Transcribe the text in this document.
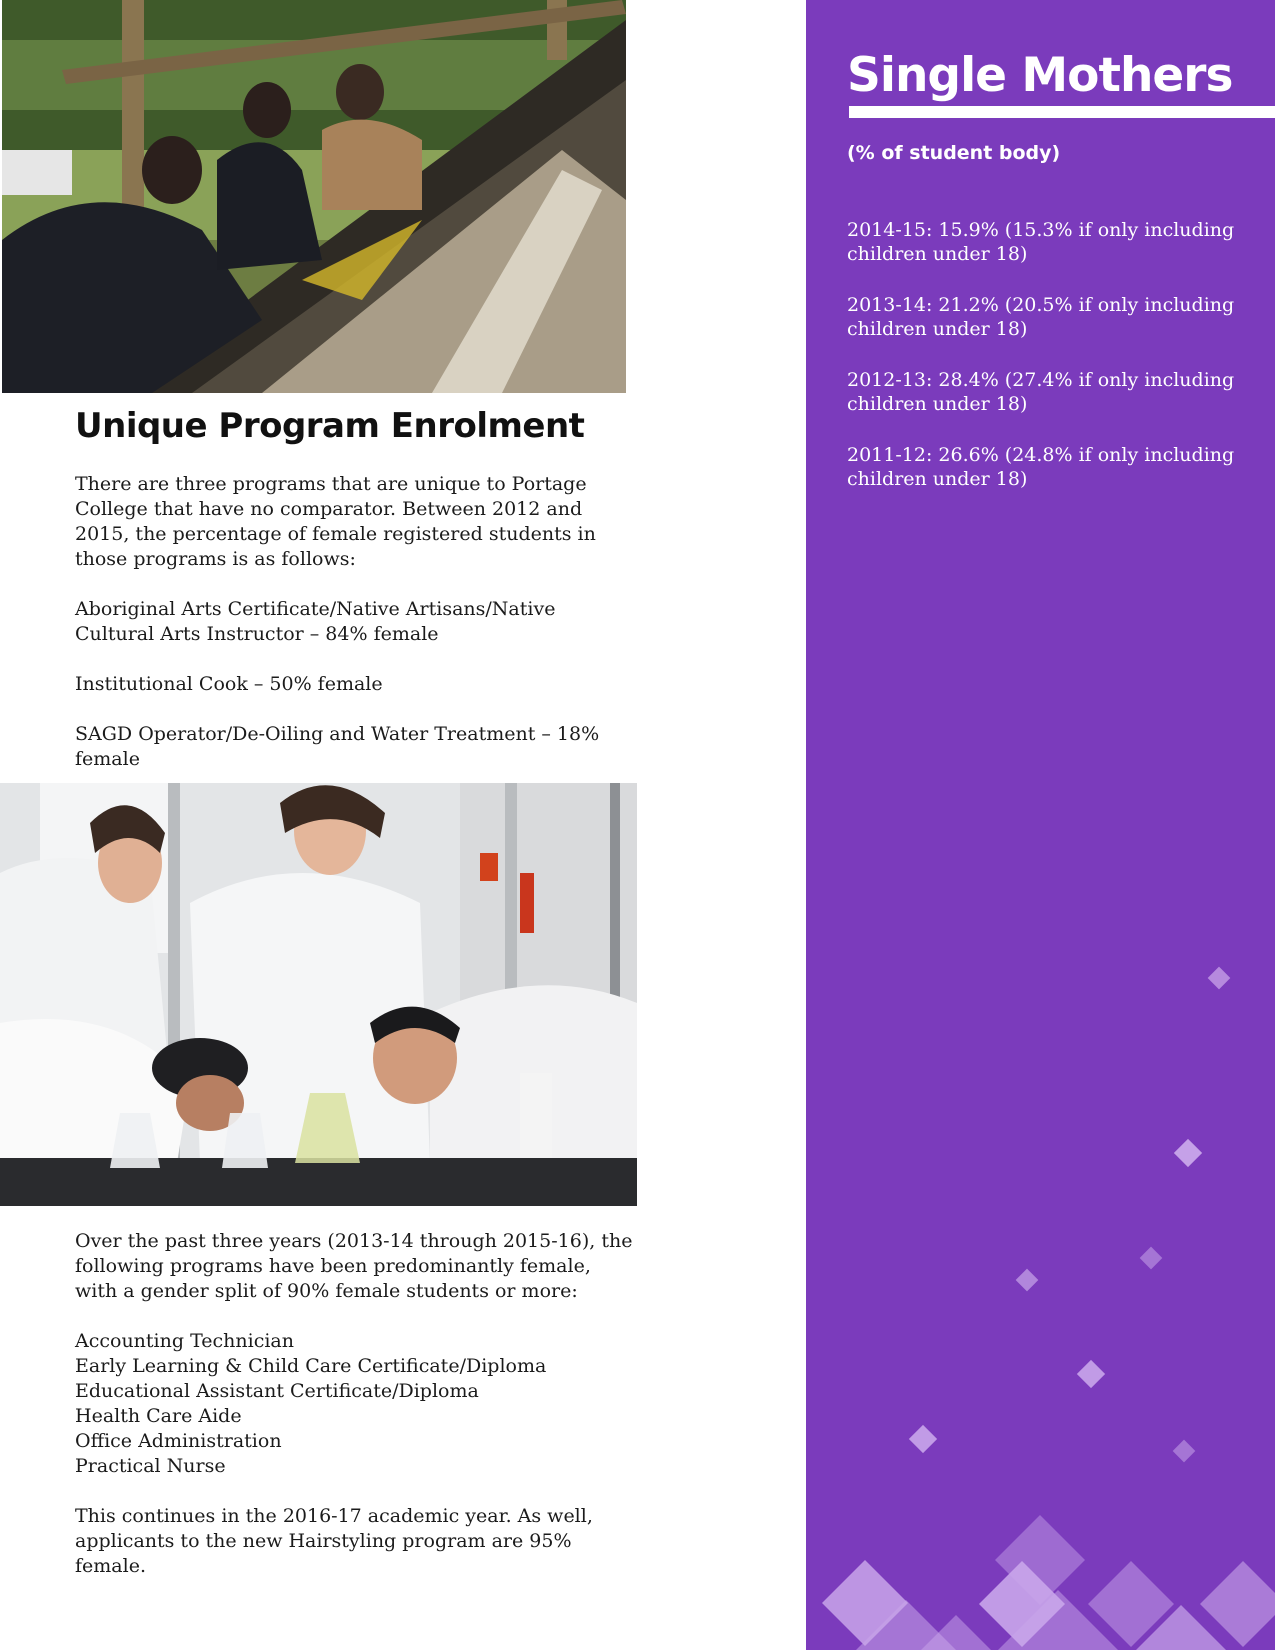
Unique Program Enrolment

There are three programs that are unique to Portage College that have no comparator. Between 2012 and 2015, the percentage of female registered students in those programs is as follows:

Aboriginal Arts Certificate/Native Artisans/Native Cultural Arts Instructor – 84% female

Institutional Cook – 50% female

SAGD Operator/De-Oiling and Water Treatment – 18% female

Over the past three years (2013-14 through 2015-16), the following programs have been predominantly female, with a gender split of 90% female students or more:

Accounting Technician
Early Learning & Child Care Certificate/Diploma
Educational Assistant Certificate/Diploma
Health Care Aide
Office Administration
Practical Nurse

This continues in the 2016-17 academic year. As well, applicants to the new Hairstyling program are 95% female.

Single Mothers

(% of student body)

2014-15: 15.9% (15.3% if only including children under 18)

2013-14: 21.2% (20.5% if only including children under 18)

2012-13: 28.4% (27.4% if only including children under 18)

2011-12: 26.6% (24.8% if only including children under 18)
